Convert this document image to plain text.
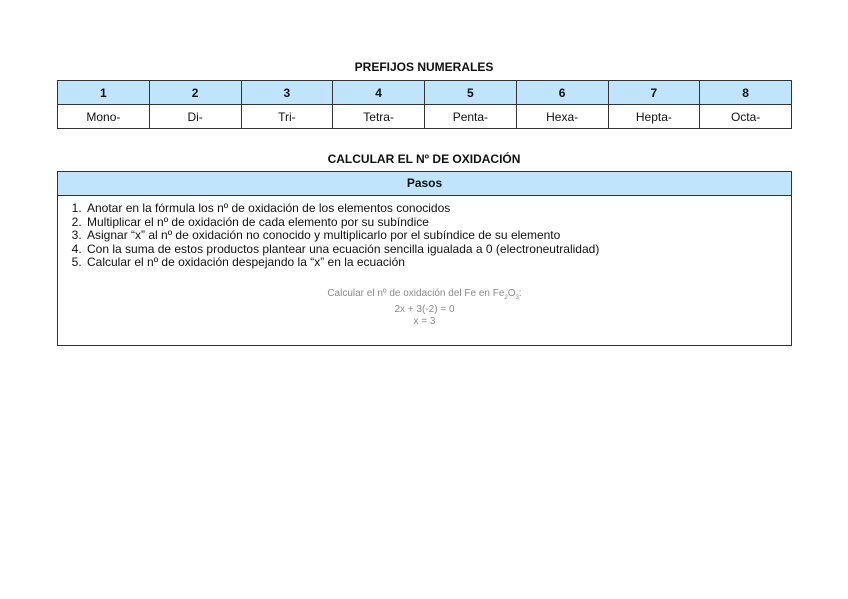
PREFIJOS NUMERALES
1	2	3	4	5	6	7	8
Mono-	Di-	Tri-	Tetra-	Penta-	Hexa-	Hepta-	Octa-
CALCULAR EL Nº DE OXIDACIÓN
Pasos
1. Anotar en la fórmula los nº de oxidación de los elementos conocidos
2. Multiplicar el nº de oxidación de cada elemento por su subíndice
3. Asignar “x” al nº de oxidación no conocido y multiplicarlo por el subíndice de su elemento
4. Con la suma de estos productos plantear una ecuación sencilla igualada a 0 (electroneutralidad)
5. Calcular el nº de oxidación despejando la “x” en la ecuación
Calcular el nº de oxidación del Fe en $Fe_2O_3$:
2x + 3(-2) = 0
x = 3
